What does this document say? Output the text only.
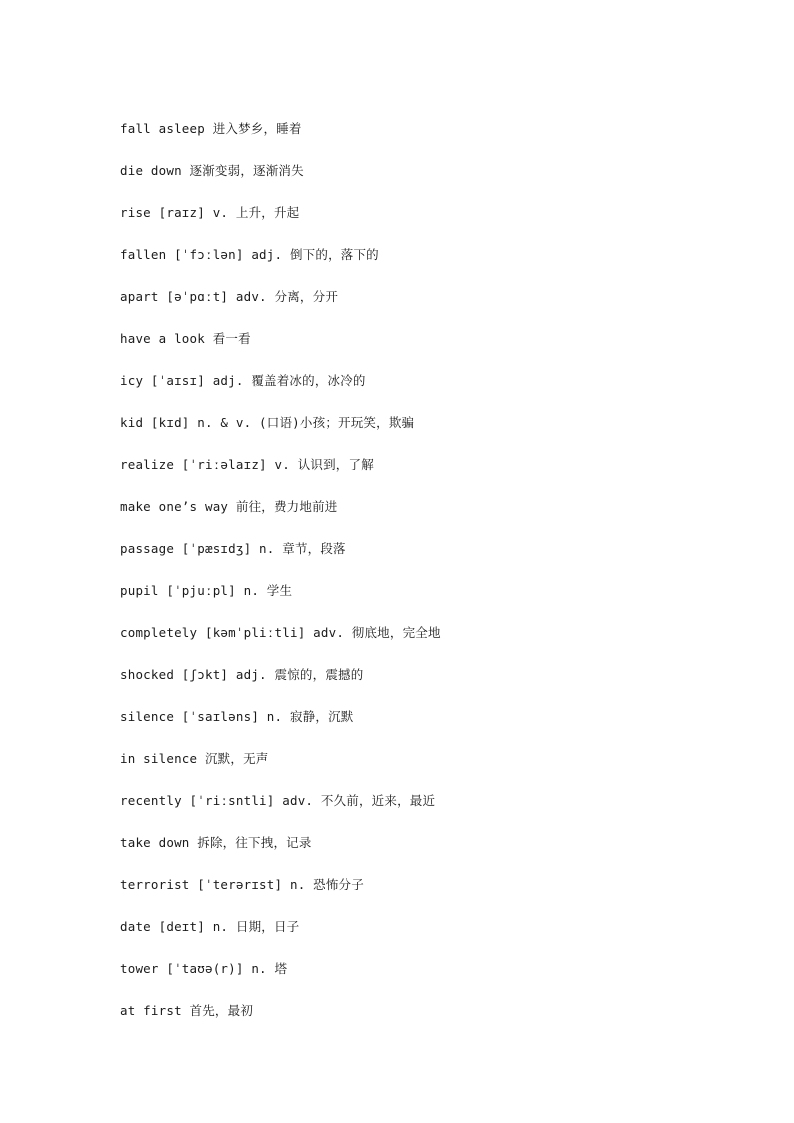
fall asleep 进入梦乡，睡着
die down 逐渐变弱，逐渐消失
rise [raɪz] v. 上升，升起
fallen [ˈfɔːlən] adj. 倒下的，落下的
apart [əˈpɑːt] adv. 分离，分开
have a look 看一看
icy [ˈaɪsɪ] adj. 覆盖着冰的，冰冷的
kid [kɪd] n. & v. (口语)小孩；开玩笑，欺骗
realize [ˈriːəlaɪz] v. 认识到，了解
make one’s way 前往，费力地前进
passage [ˈpæsɪdʒ] n. 章节，段落
pupil [ˈpjuːpl] n. 学生
completely [kəmˈpliːtli] adv. 彻底地，完全地
shocked [ʃɔkt] adj. 震惊的，震撼的
silence [ˈsaɪləns] n. 寂静，沉默
in silence 沉默，无声
recently [ˈriːsntli] adv. 不久前，近来，最近
take down 拆除，往下拽，记录
terrorist [ˈterərɪst] n. 恐怖分子
date [deɪt] n. 日期，日子
tower [ˈtaʊə(r)] n. 塔
at first 首先，最初
